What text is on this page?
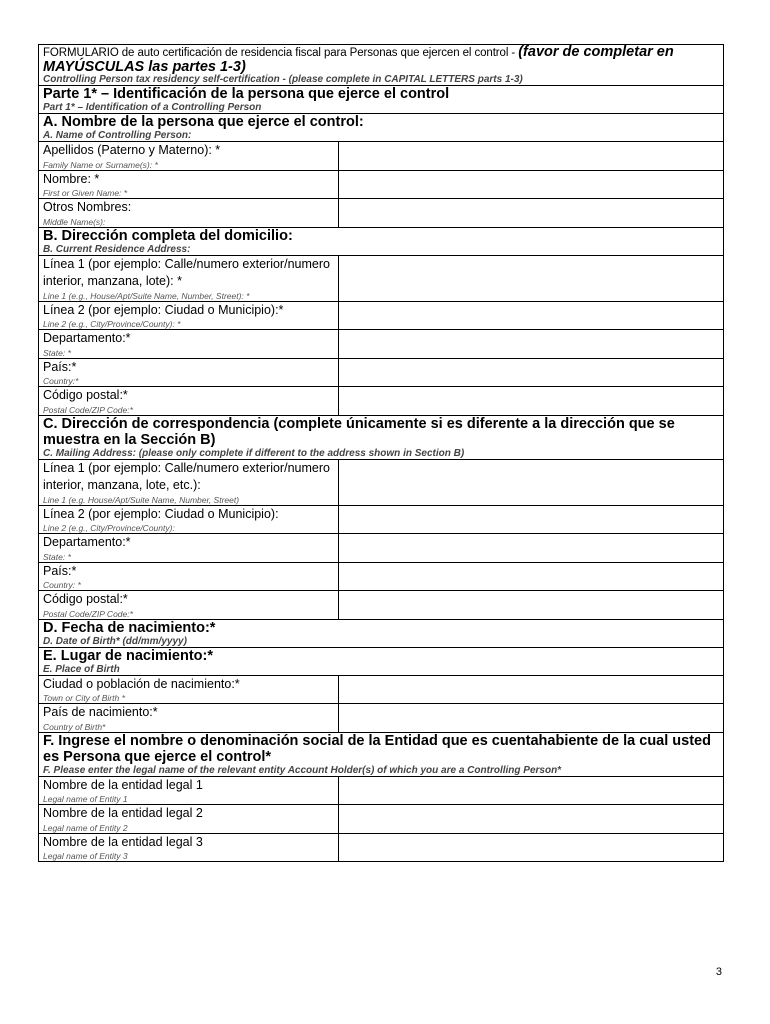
FORMULARIO de auto certificación de residencia fiscal para Personas que ejercen el control - (favor de completar en MAYÚSCULAS las partes 1-3)
Controlling Person tax residency self-certification - (please complete in CAPITAL LETTERS parts 1-3)
Parte 1* – Identificación de la persona que ejerce el control
Part 1* – Identification of a Controlling Person
A. Nombre de la persona que ejerce el control:
A. Name of Controlling Person:
Apellidos (Paterno y Materno): *
Family Name or Surname(s): *
Nombre: *
First or Given Name: *
Otros Nombres:
Middle Name(s):
B. Dirección completa del domicilio:
B. Current Residence Address:
Línea 1 (por ejemplo: Calle/numero exterior/numero interior, manzana, lote): *
Line 1 (e.g., House/Apt/Suite Name, Number, Street): *
Línea 2 (por ejemplo: Ciudad o Municipio):*
Line 2 (e.g., City/Province/County): *
Departamento:*
State: *
País:*
Country:*
Código postal:*
Postal Code/ZIP Code:*
C. Dirección de correspondencia (complete únicamente si es diferente a la dirección que se muestra en la Sección B)
C. Mailing Address: (please only complete if different to the address shown in Section B)
Línea 1 (por ejemplo: Calle/numero exterior/numero interior, manzana, lote, etc.):
Line 1 (e.g. House/Apt/Suite Name, Number, Street)
Línea 2 (por ejemplo: Ciudad o Municipio):
Line 2 (e.g., City/Province/County):
Departamento:*
State: *
País:*
Country: *
Código postal:*
Postal Code/ZIP Code:*
D. Fecha de nacimiento:*
D. Date of Birth* (dd/mm/yyyy)
E. Lugar de nacimiento:*
E. Place of Birth
Ciudad o población de nacimiento:*
Town or City of Birth *
País de nacimiento:*
Country of Birth*
F. Ingrese el nombre o denominación social de la Entidad que es cuentahabiente de la cual usted es Persona que ejerce el control*
F. Please enter the legal name of the relevant entity Account Holder(s) of which you are a Controlling Person*
Nombre de la entidad legal 1
Legal name of Entity 1
Nombre de la entidad legal 2
Legal name of Entity 2
Nombre de la entidad legal 3
Legal name of Entity 3
3
